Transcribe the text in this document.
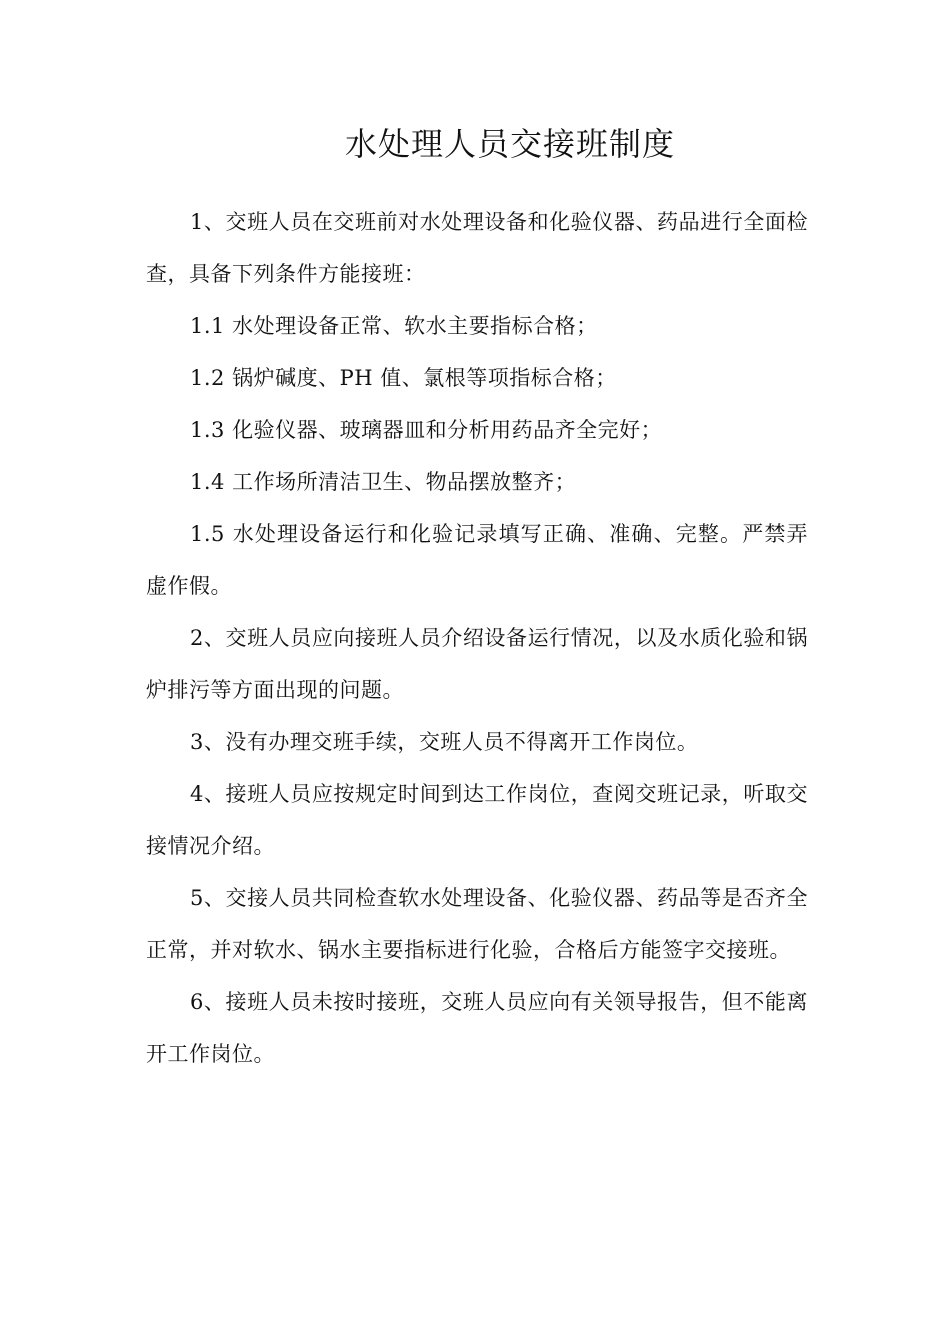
水处理人员交接班制度

1、交班人员在交班前对水处理设备和化验仪器、药品进行全面检查，具备下列条件方能接班：

1.1 水处理设备正常、软水主要指标合格；

1.2 锅炉碱度、PH 值、氯根等项指标合格；

1.3 化验仪器、玻璃器皿和分析用药品齐全完好；

1.4 工作场所清洁卫生、物品摆放整齐；

1.5 水处理设备运行和化验记录填写正确、准确、完整。严禁弄虚作假。

2、交班人员应向接班人员介绍设备运行情况，以及水质化验和锅炉排污等方面出现的问题。

3、没有办理交班手续，交班人员不得离开工作岗位。

4、接班人员应按规定时间到达工作岗位，查阅交班记录，听取交接情况介绍。

5、交接人员共同检查软水处理设备、化验仪器、药品等是否齐全正常，并对软水、锅水主要指标进行化验，合格后方能签字交接班。

6、接班人员未按时接班，交班人员应向有关领导报告，但不能离开工作岗位。
